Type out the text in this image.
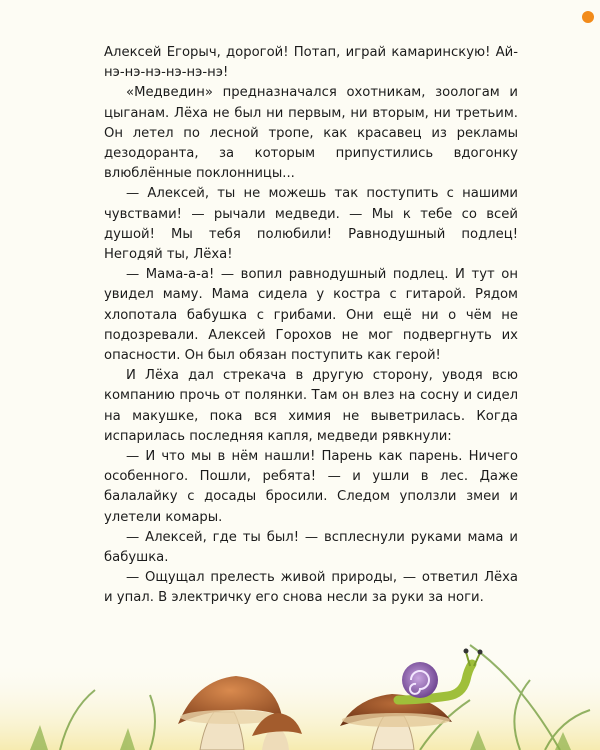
Алексей Егорыч, дорогой! Потап, играй камаринскую! Ай-нэ-нэ-нэ-нэ-нэ-нэ!

«Медведин» предназначался охотникам, зоологам и цыганам. Лёха не был ни первым, ни вторым, ни третьим. Он летел по лесной тропе, как красавец из рекламы дезодоранта, за которым припустились вдогонку влюблённые поклонницы...

— Алексей, ты не можешь так поступить с нашими чувствами! — рычали медведи. — Мы к тебе со всей душой! Мы тебя полюбили! Равнодушный подлец! Негодяй ты, Лёха!

— Мама-а-а! — вопил равнодушный подлец. И тут он увидел маму. Мама сидела у костра с гитарой. Рядом хлопотала бабушка с грибами. Они ещё ни о чём не подозревали. Алексей Горохов не мог подвергнуть их опасности. Он был обязан поступить как герой!

И Лёха дал стрекача в другую сторону, уводя всю компанию прочь от полянки. Там он влез на сосну и сидел на макушке, пока вся химия не выветрилась. Когда испарилась последняя капля, медведи рявкнули:

— И что мы в нём нашли! Парень как парень. Ничего особенного. Пошли, ребята! — и ушли в лес. Даже балалайку с досады бросили. Следом уползли змеи и улетели комары.

— Алексей, где ты был! — всплеснули руками мама и бабушка.

— Ощущал прелесть живой природы, — ответил Лёха и упал. В электричку его снова несли за руки за ноги.
